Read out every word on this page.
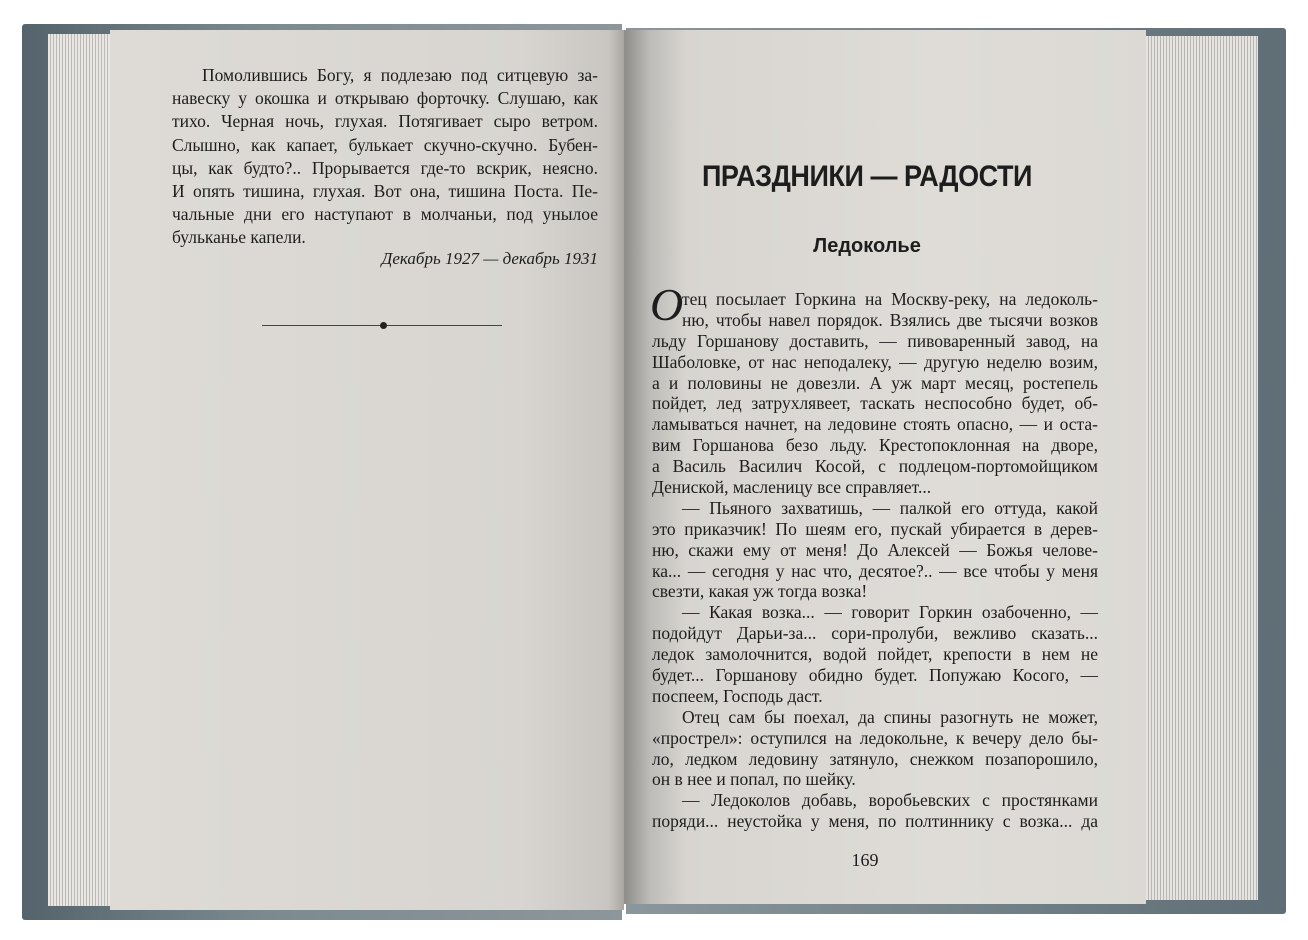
Помолившись Богу, я подлезаю под ситцевую за-
навеску у окошка и открываю форточку. Слушаю, как
тихо. Черная ночь, глухая. Потягивает сыро ветром.
Слышно, как капает, булькает скучно-скучно. Бубен-
цы, как будто?.. Прорывается где-то вскрик, неясно.
И опять тишина, глухая. Вот она, тишина Поста. Пе-
чальные дни его наступают в молчаньи, под унылое
бульканье капели.
Декабрь 1927 — декабрь 1931
ПРАЗДНИКИ — РАДОСТИ
Ледоколье
О
тец посылает Горкина на Москву-реку, на ледоколь-
ню, чтобы навел порядок. Взялись две тысячи возков
льду Горшанову доставить, — пивоваренный завод, на
Шаболовке, от нас неподалеку, — другую неделю возим,
а и половины не довезли. А уж март месяц, ростепель
пойдет, лед затрухлявеет, таскать неспособно будет, об-
ламываться начнет, на ледовине стоять опасно, — и оста-
вим Горшанова безо льду. Крестопоклонная на дворе,
а Василь Василич Косой, с подлецом-портомойщиком
Дениской, масленицу все справляет...
— Пьяного захватишь, — палкой его оттуда, какой
это приказчик! По шеям его, пускай убирается в дерев-
ню, скажи ему от меня! До Алексей — Божья челове-
ка... — сегодня у нас что, десятое?.. — все чтобы у меня
свезти, какая уж тогда возка!
— Какая возка... — говорит Горкин озабоченно, —
подойдут Дарьи-за... сори-пролуби, вежливо сказать...
ледок замолочнится, водой пойдет, крепости в нем не
будет... Горшанову обидно будет. Попужаю Косого, —
поспеем, Господь даст.
Отец сам бы поехал, да спины разогнуть не может,
«прострел»: оступился на ледокольне, к вечеру дело бы-
ло, ледком ледовину затянуло, снежком позапорошило,
он в нее и попал, по шейку.
— Ледоколов добавь, воробьевских с простянками
поряди... неустойка у меня, по полтиннику с возка... да
169
